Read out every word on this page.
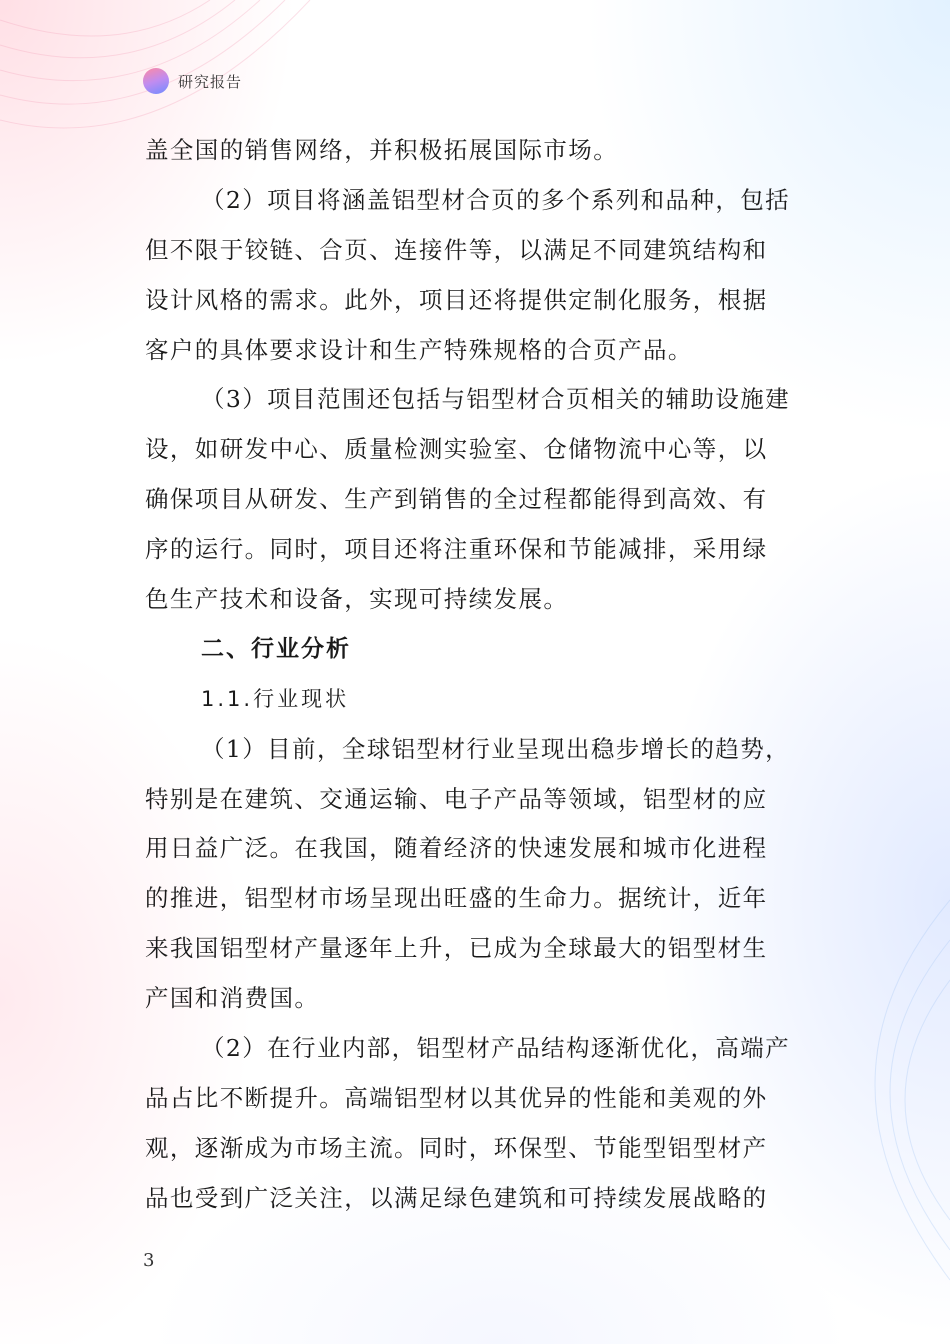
研究报告
盖全国的销售网络，并积极拓展国际市场。
（2）项目将涵盖铝型材合页的多个系列和品种，包括
但不限于铰链、合页、连接件等，以满足不同建筑结构和
设计风格的需求。此外，项目还将提供定制化服务，根据
客户的具体要求设计和生产特殊规格的合页产品。
（3）项目范围还包括与铝型材合页相关的辅助设施建
设，如研发中心、质量检测实验室、仓储物流中心等，以
确保项目从研发、生产到销售的全过程都能得到高效、有
序的运行。同时，项目还将注重环保和节能减排，采用绿
色生产技术和设备，实现可持续发展。
二、行业分析
1.1.行业现状
（1）目前，全球铝型材行业呈现出稳步增长的趋势，
特别是在建筑、交通运输、电子产品等领域，铝型材的应
用日益广泛。在我国，随着经济的快速发展和城市化进程
的推进，铝型材市场呈现出旺盛的生命力。据统计，近年
来我国铝型材产量逐年上升，已成为全球最大的铝型材生
产国和消费国。
（2）在行业内部，铝型材产品结构逐渐优化，高端产
品占比不断提升。高端铝型材以其优异的性能和美观的外
观，逐渐成为市场主流。同时，环保型、节能型铝型材产
品也受到广泛关注，以满足绿色建筑和可持续发展战略的
3
